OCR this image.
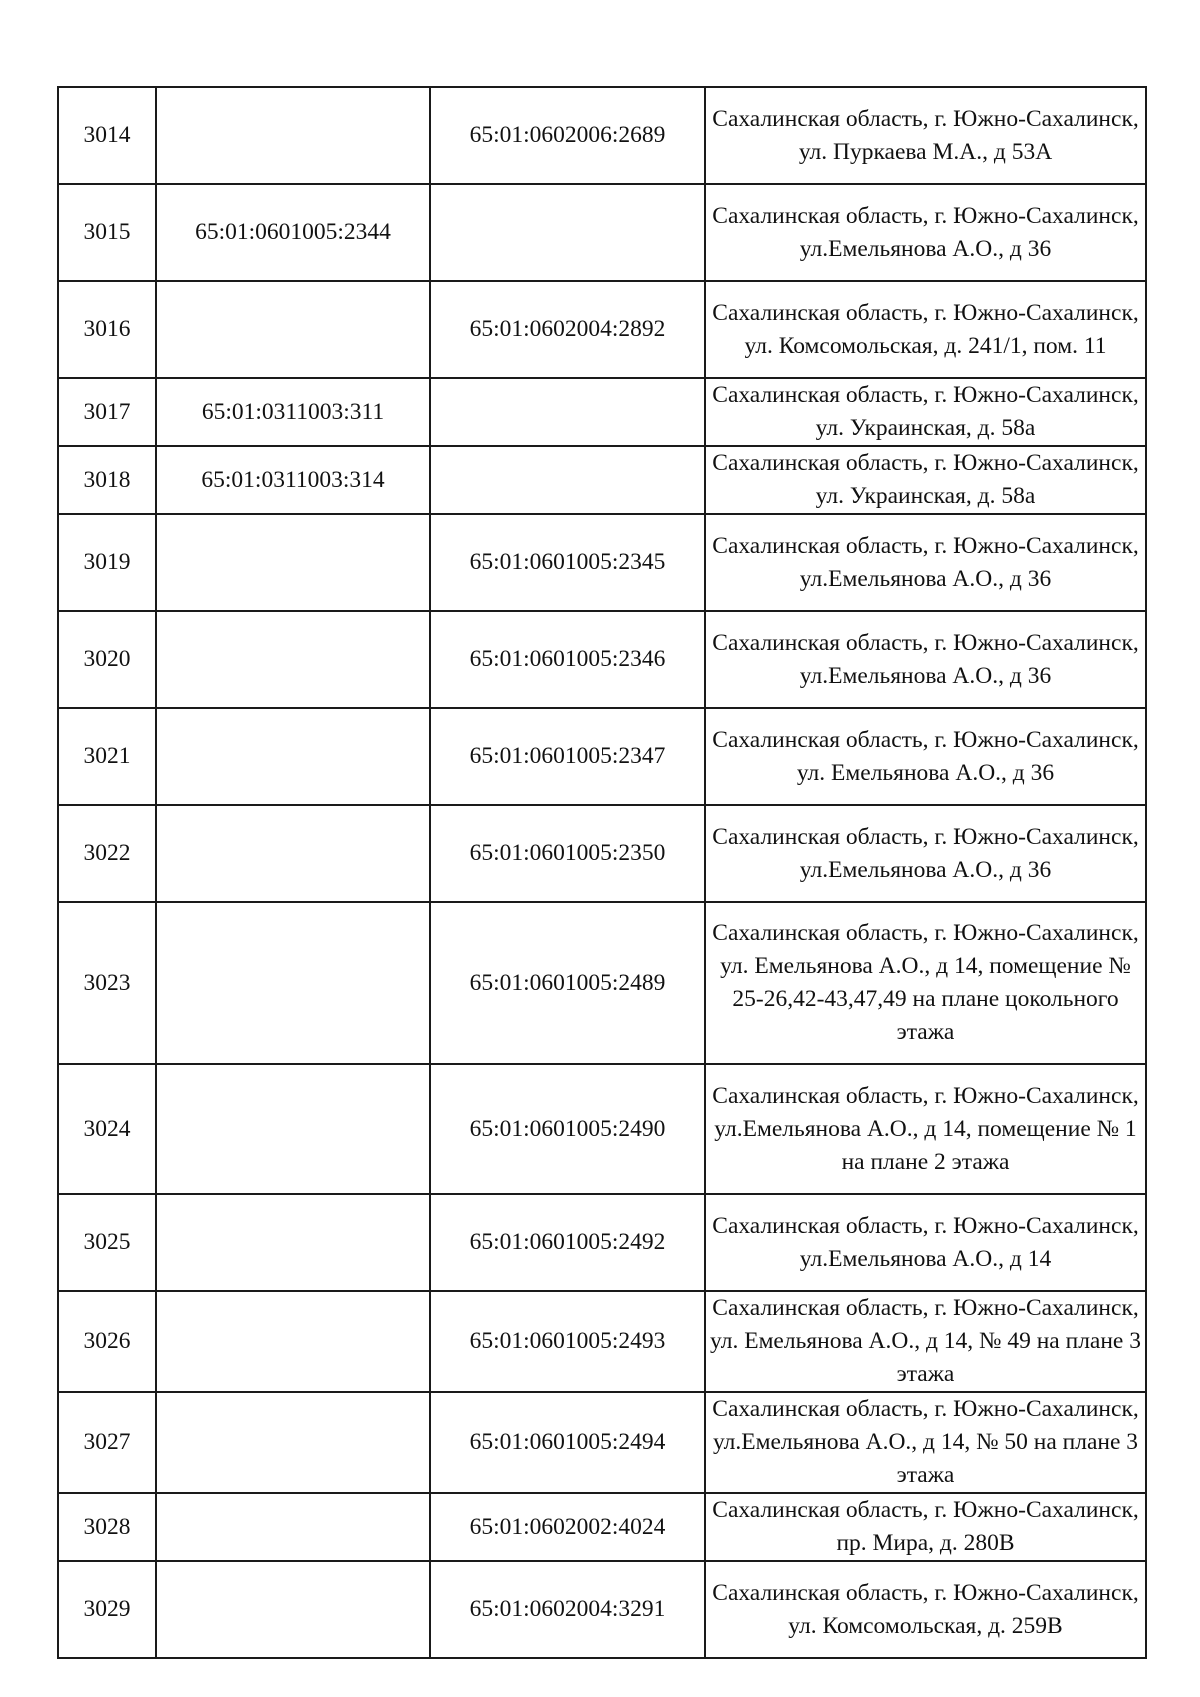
3014		65:01:0602006:2689	Сахалинская область, г. Южно-Сахалинск, ул. Пуркаева М.А., д 53А
3015	65:01:0601005:2344		Сахалинская область, г. Южно-Сахалинск, ул.Емельянова А.О., д 36
3016		65:01:0602004:2892	Сахалинская область, г. Южно-Сахалинск, ул. Комсомольская, д. 241/1, пом. 11
3017	65:01:0311003:311		Сахалинская область, г. Южно-Сахалинск, ул. Украинская, д. 58а
3018	65:01:0311003:314		Сахалинская область, г. Южно-Сахалинск, ул. Украинская, д. 58а
3019		65:01:0601005:2345	Сахалинская область, г. Южно-Сахалинск, ул.Емельянова А.О., д 36
3020		65:01:0601005:2346	Сахалинская область, г. Южно-Сахалинск, ул.Емельянова А.О., д 36
3021		65:01:0601005:2347	Сахалинская область, г. Южно-Сахалинск, ул. Емельянова А.О., д 36
3022		65:01:0601005:2350	Сахалинская область, г. Южно-Сахалинск, ул.Емельянова А.О., д 36
3023		65:01:0601005:2489	Сахалинская область, г. Южно-Сахалинск, ул. Емельянова А.О., д 14, помещение № 25-26,42-43,47,49 на плане цокольного этажа
3024		65:01:0601005:2490	Сахалинская область, г. Южно-Сахалинск, ул.Емельянова А.О., д 14, помещение № 1 на плане 2 этажа
3025		65:01:0601005:2492	Сахалинская область, г. Южно-Сахалинск, ул.Емельянова А.О., д 14
3026		65:01:0601005:2493	Сахалинская область, г. Южно-Сахалинск, ул. Емельянова А.О., д 14, № 49 на плане 3 этажа
3027		65:01:0601005:2494	Сахалинская область, г. Южно-Сахалинск, ул.Емельянова А.О., д 14, № 50 на плане 3 этажа
3028		65:01:0602002:4024	Сахалинская область, г. Южно-Сахалинск, пр. Мира, д. 280В
3029		65:01:0602004:3291	Сахалинская область, г. Южно-Сахалинск, ул. Комсомольская, д. 259В
